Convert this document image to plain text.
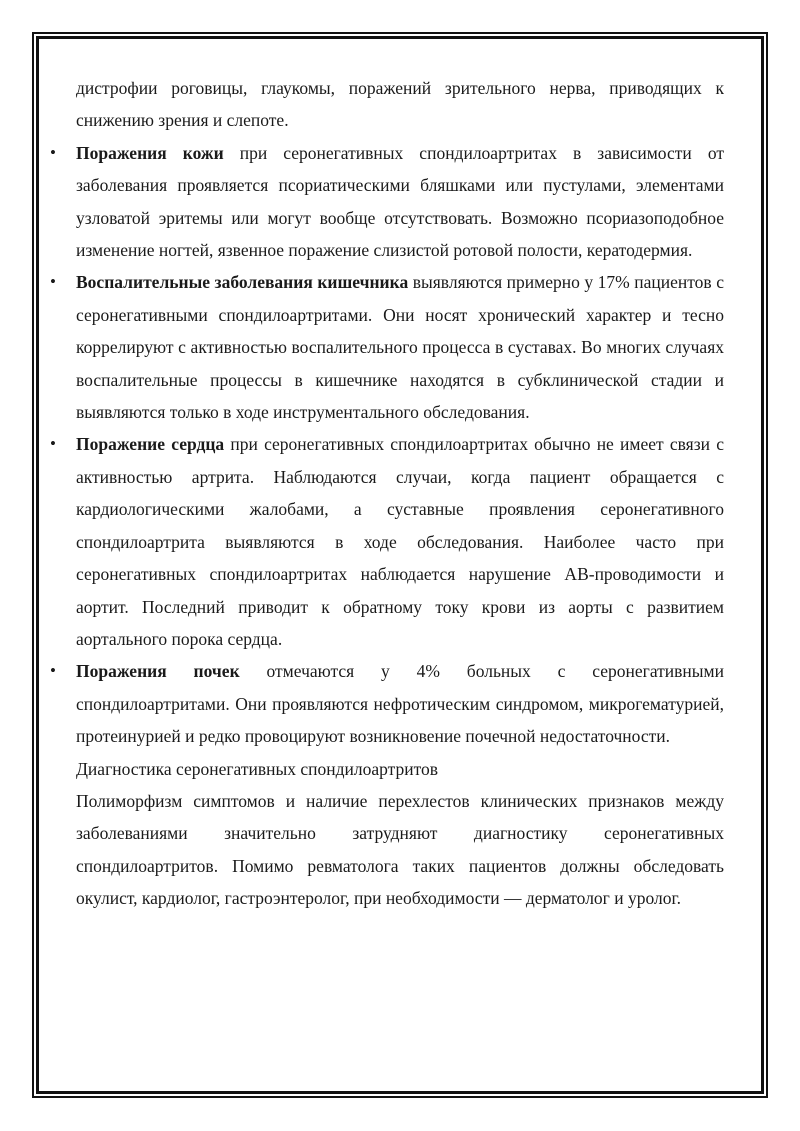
дистрофии роговицы, глаукомы, поражений зрительного нерва, приводящих к снижению зрения и слепоте.

• Поражения кожи при серонегативных спондилоартритах в зависимости от заболевания проявляется псориатическими бляшками или пустулами, элементами узловатой эритемы или могут вообще отсутствовать. Возможно псориазоподобное изменение ногтей, язвенное поражение слизистой ротовой полости, кератодермия.
• Воспалительные заболевания кишечника выявляются примерно у 17% пациентов с серонегативными спондилоартритами. Они носят хронический характер и тесно коррелируют с активностью воспалительного процесса в суставах. Во многих случаях воспалительные процессы в кишечнике находятся в субклинической стадии и выявляются только в ходе инструментального обследования.
• Поражение сердца при серонегативных спондилоартритах обычно не имеет связи с активностью артрита. Наблюдаются случаи, когда пациент обращается с кардиологическими жалобами, а суставные проявления серонегативного спондилоартрита выявляются в ходе обследования. Наиболее часто при серонегативных спондилоартритах наблюдается нарушение АВ-проводимости и аортит. Последний приводит к обратному току крови из аорты с развитием аортального порока сердца.
• Поражения почек отмечаются у 4% больных с серонегативными спондилоартритами. Они проявляются нефротическим синдромом, микрогематурией, протеинурией и редко провоцируют возникновение почечной недостаточности.

Диагностика серонегативных спондилоартритов

Полиморфизм симптомов и наличие перехлестов клинических признаков между заболеваниями значительно затрудняют диагностику серонегативных спондилоартритов. Помимо ревматолога таких пациентов должны обследовать окулист, кардиолог, гастроэнтеролог, при необходимости — дерматолог и уролог.
